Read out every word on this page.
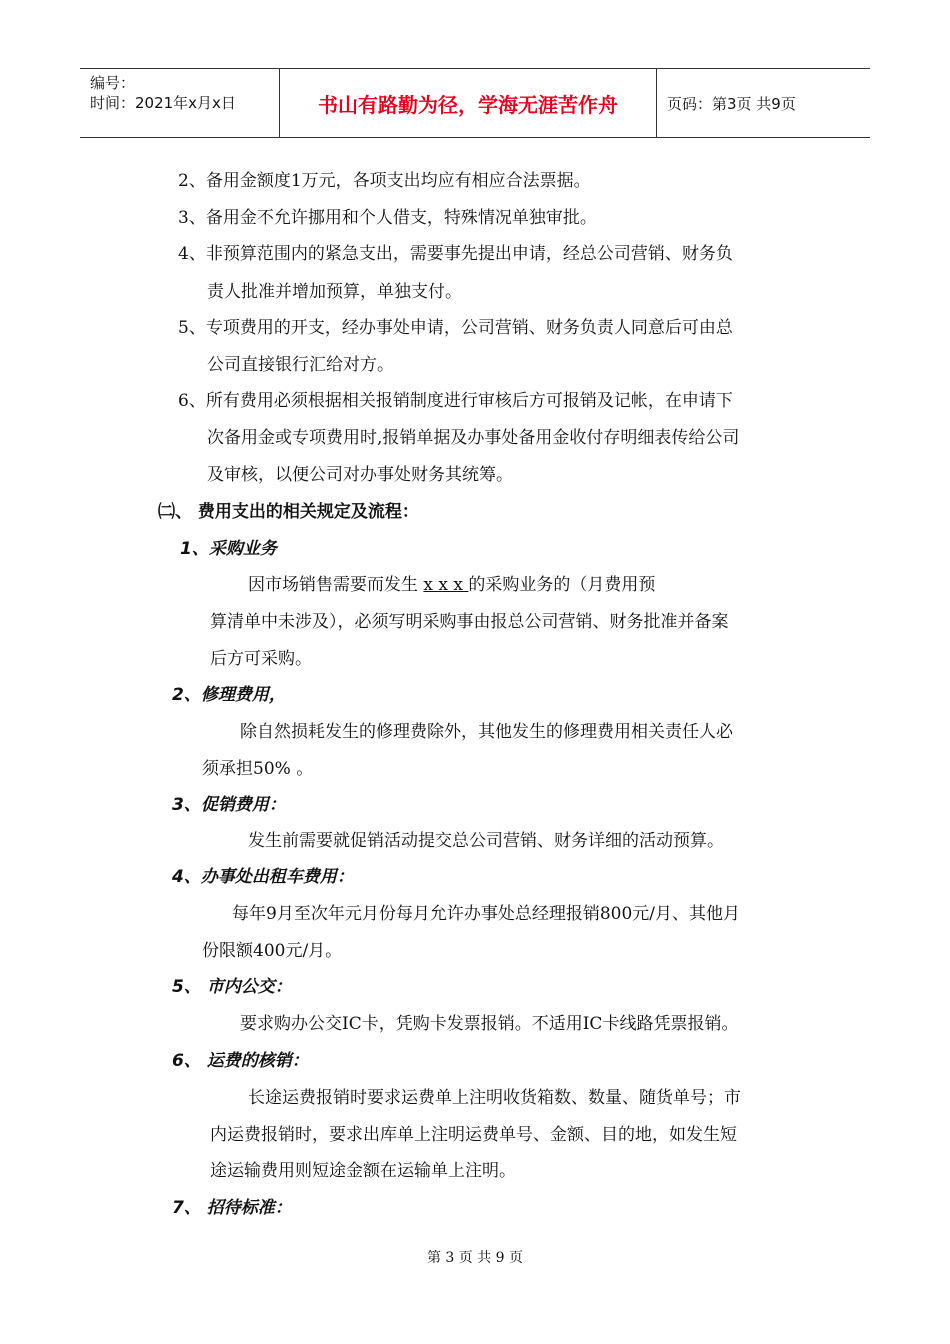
编号：
时间：2021年x月x日	书山有路勤为径，学海无涯苦作舟	页码：第3页 共9页
2、备用金额度1万元，各项支出均应有相应合法票据。
3、备用金不允许挪用和个人借支，特殊情况单独审批。
4、非预算范围内的紧急支出，需要事先提出申请，经总公司营销、财务负
责人批准并增加预算，单独支付。
5、专项费用的开支，经办事处申请，公司营销、财务负责人同意后可由总
公司直接银行汇给对方。
6、所有费用必须根据相关报销制度进行审核后方可报销及记帐，在申请下
次备用金或专项费用时,报销单据及办事处备用金收付存明细表传给公司
及审核，以便公司对办事处财务其统筹。
㈡、 费用支出的相关规定及流程：
1、采购业务
因市场销售需要而发生 x x x 的采购业务的（月费用预
算清单中未涉及），必须写明采购事由报总公司营销、财务批准并备案
后方可采购。
2、修理费用，
除自然损耗发生的修理费除外，其他发生的修理费用相关责任人必
须承担50% 。
3、促销费用：
发生前需要就促销活动提交总公司营销、财务详细的活动预算。
4、办事处出租车费用：
每年9月至次年元月份每月允许办事处总经理报销800元/月、其他月
份限额400元/月。
5、 市内公交：
要求购办公交IC卡，凭购卡发票报销。不适用IC卡线路凭票报销。
6、 运费的核销：
长途运费报销时要求运费单上注明收货箱数、数量、随货单号；市
内运费报销时，要求出库单上注明运费单号、金额、目的地，如发生短
途运输费用则短途金额在运输单上注明。
7、 招待标准：
第 3 页 共 9 页
